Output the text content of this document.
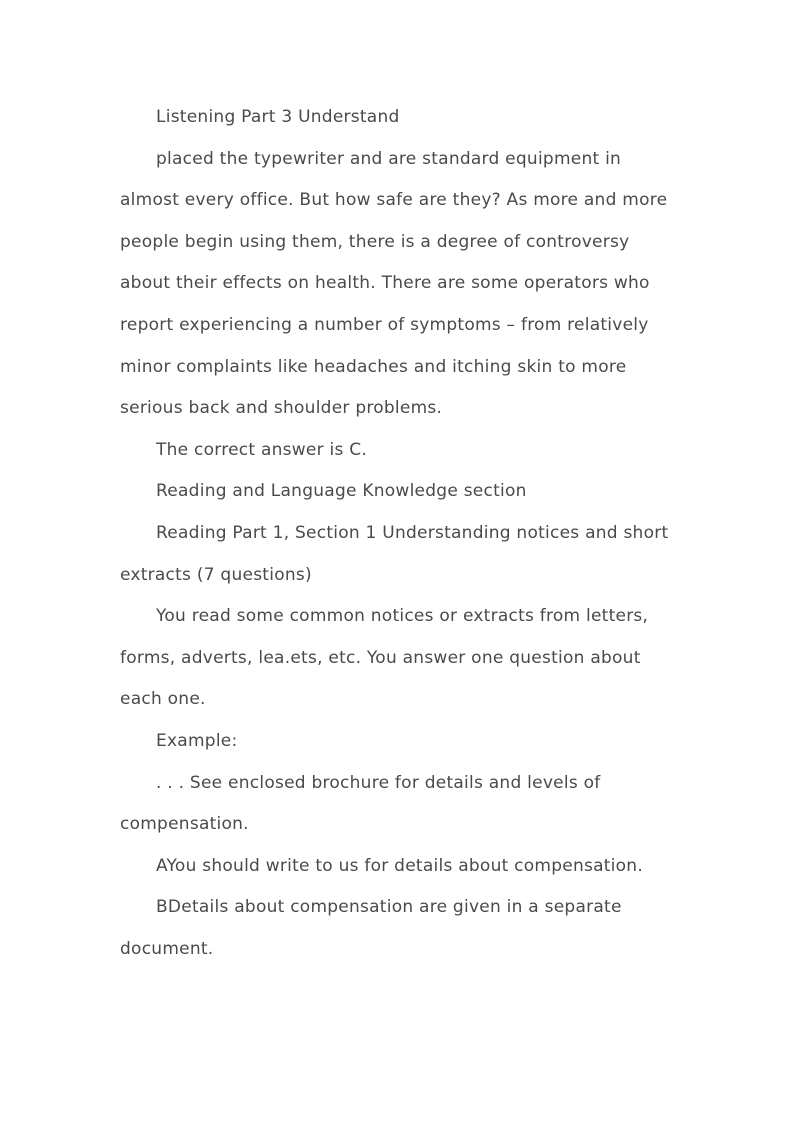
Listening Part 3 Understand

placed the typewriter and are standard equipment in almost every office. But how safe are they? As more and more people begin using them, there is a degree of controversy about their effects on health. There are some operators who report experiencing a number of symptoms – from relatively minor complaints like headaches and itching skin to more serious back and shoulder problems.

The correct answer is C.

Reading and Language Knowledge section

Reading Part 1, Section 1 Understanding notices and short extracts (7 questions)

You read some common notices or extracts from letters, forms, adverts, lea.ets, etc. You answer one question about each one.

Example:

. . . See enclosed brochure for details and levels of compensation.

AYou should write to us for details about compensation.

BDetails about compensation are given in a separate document.
